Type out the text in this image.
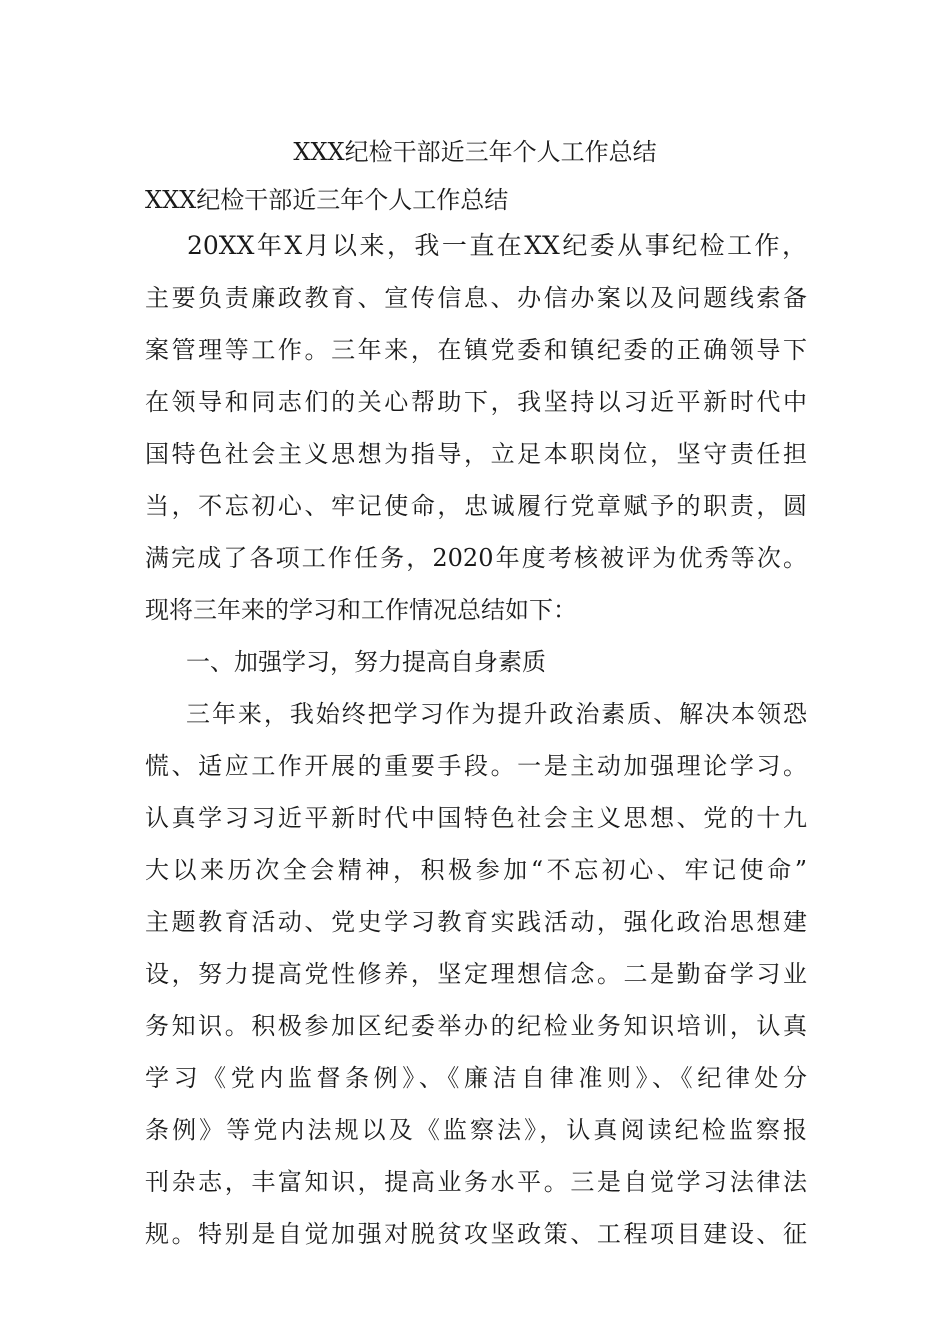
XXX纪检干部近三年个人工作总结
XXX纪检干部近三年个人工作总结
20XX年X月以来，我一直在XX纪委从事纪检工作，
主要负责廉政教育、宣传信息、办信办案以及问题线索备
案管理等工作。三年来，在镇党委和镇纪委的正确领导下
在领导和同志们的关心帮助下，我坚持以习近平新时代中
国特色社会主义思想为指导，立足本职岗位，坚守责任担
当，不忘初心、牢记使命，忠诚履行党章赋予的职责，圆
满完成了各项工作任务，2020年度考核被评为优秀等次。
现将三年来的学习和工作情况总结如下：
一、加强学习，努力提高自身素质
三年来，我始终把学习作为提升政治素质、解决本领恐
慌、适应工作开展的重要手段。一是主动加强理论学习。
认真学习习近平新时代中国特色社会主义思想、党的十九
大以来历次全会精神，积极参加“不忘初心、牢记使命”
主题教育活动、党史学习教育实践活动，强化政治思想建
设，努力提高党性修养，坚定理想信念。二是勤奋学习业
务知识。积极参加区纪委举办的纪检业务知识培训，认真
学习《党内监督条例》、《廉洁自律准则》、《纪律处分
条例》等党内法规以及《监察法》，认真阅读纪检监察报
刊杂志，丰富知识，提高业务水平。三是自觉学习法律法
规。特别是自觉加强对脱贫攻坚政策、工程项目建设、征
